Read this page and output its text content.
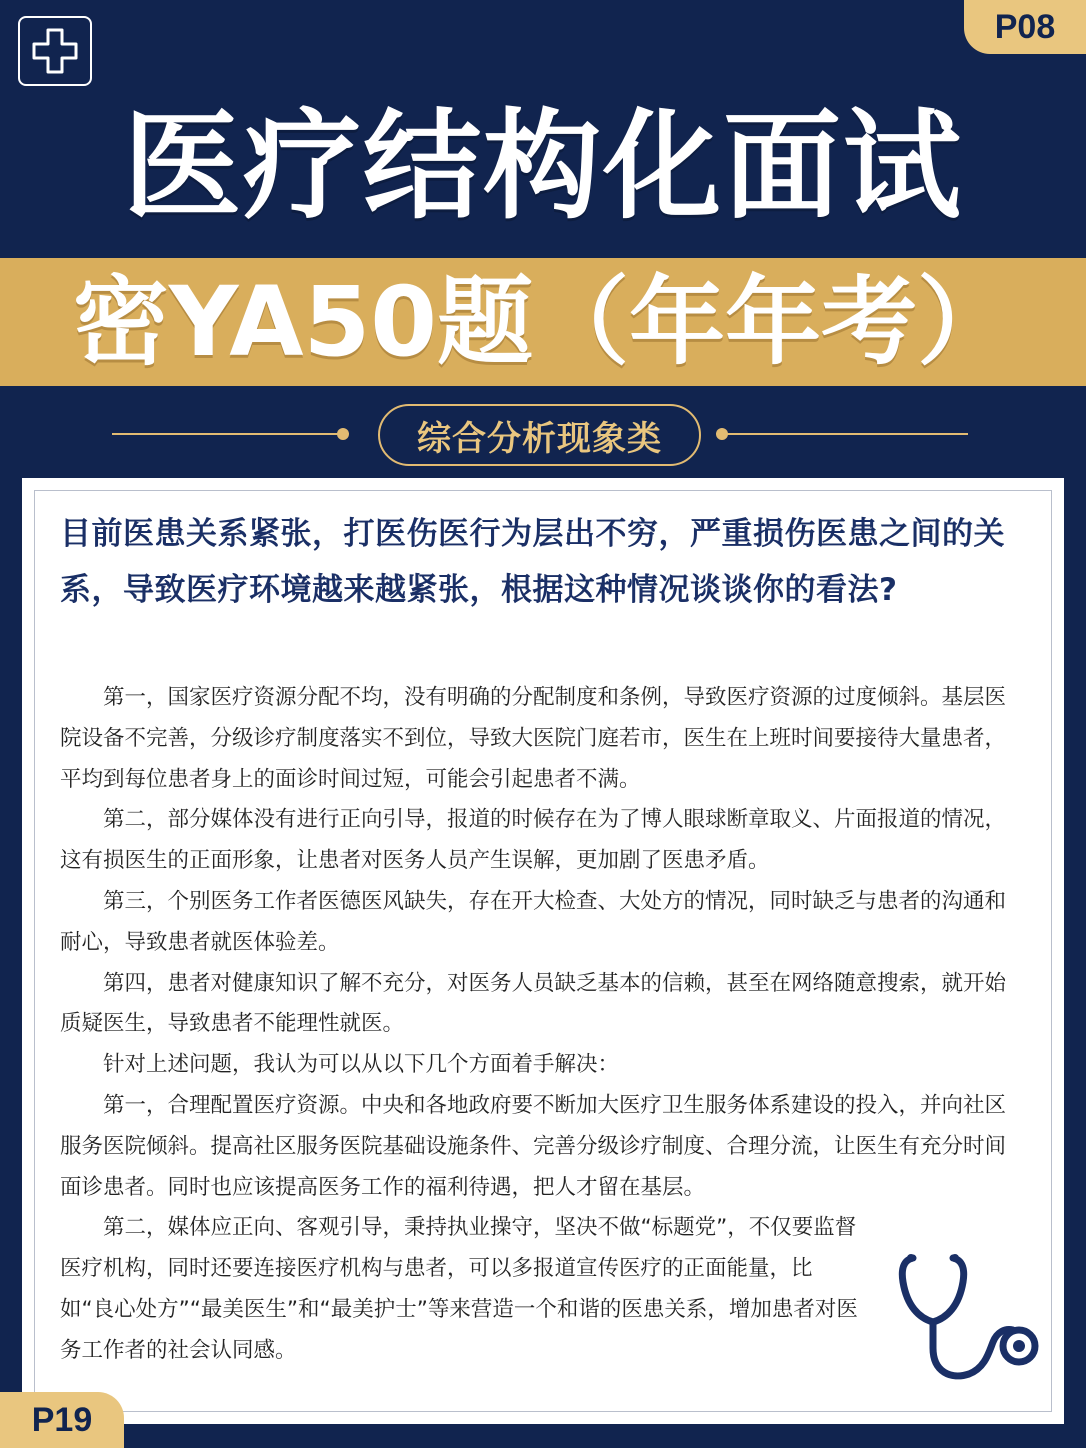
P08
医疗结构化面试
密YA50题（年年考）
综合分析现象类
目前医患关系紧张，打医伤医行为层出不穷，严重损伤医患之间的关系，导致医疗环境越来越紧张，根据这种情况谈谈你的看法?

第一，国家医疗资源分配不均，没有明确的分配制度和条例，导致医疗资源的过度倾斜。基层医院设备不完善，分级诊疗制度落实不到位，导致大医院门庭若市，医生在上班时间要接待大量患者，平均到每位患者身上的面诊时间过短，可能会引起患者不满。

第二，部分媒体没有进行正向引导，报道的时候存在为了博人眼球断章取义、片面报道的情况，这有损医生的正面形象，让患者对医务人员产生误解，更加剧了医患矛盾。

第三，个别医务工作者医德医风缺失，存在开大检查、大处方的情况，同时缺乏与患者的沟通和耐心，导致患者就医体验差。

第四，患者对健康知识了解不充分，对医务人员缺乏基本的信赖，甚至在网络随意搜索，就开始质疑医生，导致患者不能理性就医。

针对上述问题，我认为可以从以下几个方面着手解决：

第一，合理配置医疗资源。中央和各地政府要不断加大医疗卫生服务体系建设的投入，并向社区服务医院倾斜。提高社区服务医院基础设施条件、完善分级诊疗制度、合理分流，让医生有充分时间面诊患者。同时也应该提高医务工作的福利待遇，把人才留在基层。

第二，媒体应正向、客观引导，秉持执业操守，坚决不做“标题党”，不仅要监督医疗机构，同时还要连接医疗机构与患者，可以多报道宣传医疗的正面能量，比如“良心处方”“最美医生”和“最美护士”等来营造一个和谐的医患关系，增加患者对医务工作者的社会认同感。

P19
